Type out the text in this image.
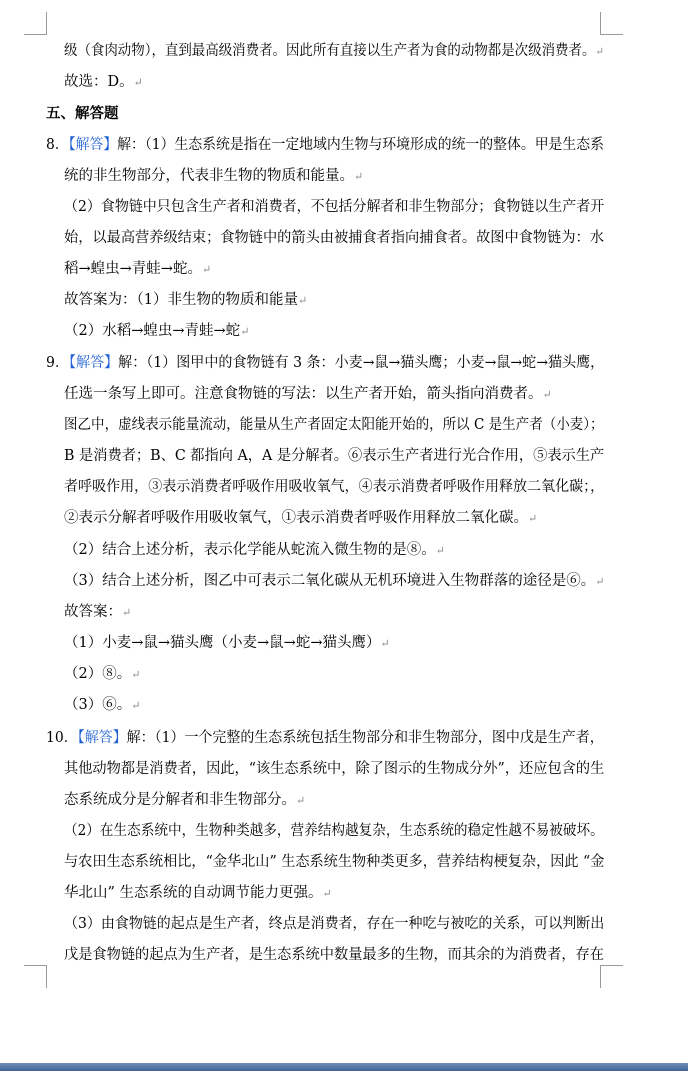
级（食肉动物），直到最高级消费者。因此所有直接以生产者为食的动物都是次级消费者。↵
故选：D。↵
五、解答题
8．【解答】解：（1）生态系统是指在一定地域内生物与环境形成的统一的整体。甲是生态系
统的非生物部分，代表非生物的物质和能量。↵
（2）食物链中只包含生产者和消费者，不包括分解者和非生物部分；食物链以生产者开
始，以最高营养级结束；食物链中的箭头由被捕食者指向捕食者。故图中食物链为：水
稻→蝗虫→青蛙→蛇。↵
故答案为：（1）非生物的物质和能量↵
（2）水稻→蝗虫→青蛙→蛇↵
9．【解答】解：（1）图甲中的食物链有 3 条：小麦→鼠→猫头鹰；小麦→鼠→蛇→猫头鹰，
任选一条写上即可。注意食物链的写法：以生产者开始，箭头指向消费者。↵
图乙中，虚线表示能量流动，能量从生产者固定太阳能开始的，所以 C 是生产者（小麦）；
B 是消费者；B、C 都指向 A，A 是分解者。⑥表示生产者进行光合作用，⑤表示生产
者呼吸作用，③表示消费者呼吸作用吸收氧气，④表示消费者呼吸作用释放二氧化碳；，
②表示分解者呼吸作用吸收氧气，①表示消费者呼吸作用释放二氧化碳。↵
（2）结合上述分析，表示化学能从蛇流入微生物的是⑧。↵
（3）结合上述分析，图乙中可表示二氧化碳从无机环境进入生物群落的途径是⑥。↵
故答案：↵
（1）小麦→鼠→猫头鹰（小麦→鼠→蛇→猫头鹰）↵
（2）⑧。↵
（3）⑥。↵
10．【解答】解：（1）一个完整的生态系统包括生物部分和非生物部分，图中戊是生产者，
其他动物都是消费者，因此，“该生态系统中，除了图示的生物成分外”，还应包含的生
态系统成分是分解者和非生物部分。↵
（2）在生态系统中，生物种类越多，营养结构越复杂，生态系统的稳定性越不易被破坏。
与农田生态系统相比，“金华北山” 生态系统生物种类更多，营养结构梗复杂，因此 “金
华北山” 生态系统的自动调节能力更强。↵
（3）由食物链的起点是生产者，终点是消费者，存在一种吃与被吃的关系，可以判断出
戊是食物链的起点为生产者，是生态系统中数量最多的生物，而其余的为消费者，存在
